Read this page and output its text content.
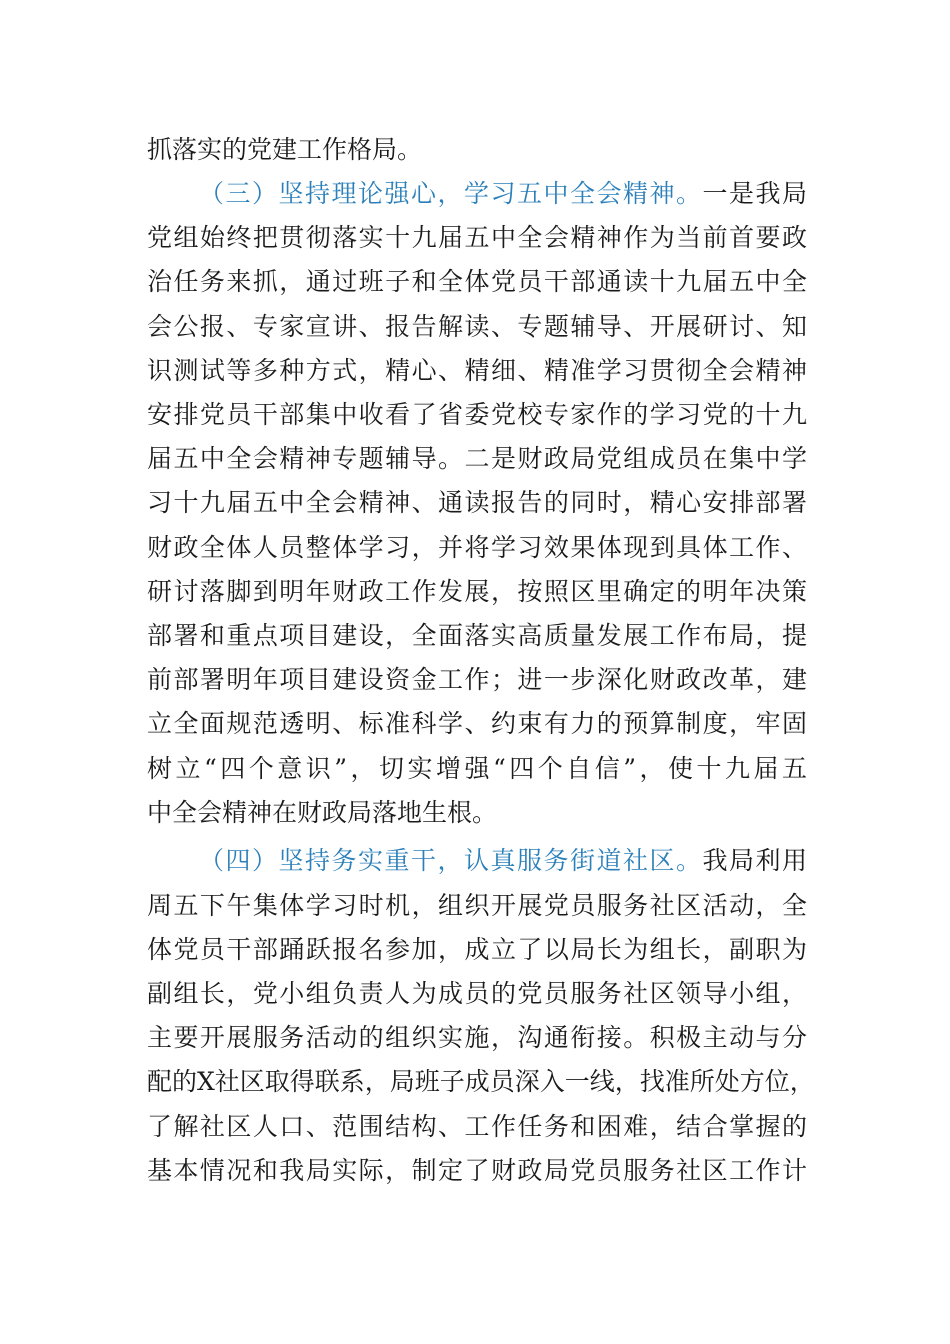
抓落实的党建工作格局。
（三）坚持理论强心，学习五中全会精神。一是我局
党组始终把贯彻落实十九届五中全会精神作为当前首要政
治任务来抓，通过班子和全体党员干部通读十九届五中全
会公报、专家宣讲、报告解读、专题辅导、开展研讨、知
识测试等多种方式，精心、精细、精准学习贯彻全会精神
安排党员干部集中收看了省委党校专家作的学习党的十九
届五中全会精神专题辅导。二是财政局党组成员在集中学
习十九届五中全会精神、通读报告的同时，精心安排部署
财政全体人员整体学习，并将学习效果体现到具体工作、
研讨落脚到明年财政工作发展，按照区里确定的明年决策
部署和重点项目建设，全面落实高质量发展工作布局，提
前部署明年项目建设资金工作；进一步深化财政改革，建
立全面规范透明、标准科学、约束有力的预算制度，牢固
树立“四个意识”，切实增强“四个自信”，使十九届五
中全会精神在财政局落地生根。
（四）坚持务实重干，认真服务街道社区。我局利用
周五下午集体学习时机，组织开展党员服务社区活动，全
体党员干部踊跃报名参加，成立了以局长为组长，副职为
副组长，党小组负责人为成员的党员服务社区领导小组，
主要开展服务活动的组织实施，沟通衔接。积极主动与分
配的X社区取得联系，局班子成员深入一线，找准所处方位，
了解社区人口、范围结构、工作任务和困难，结合掌握的
基本情况和我局实际，制定了财政局党员服务社区工作计
